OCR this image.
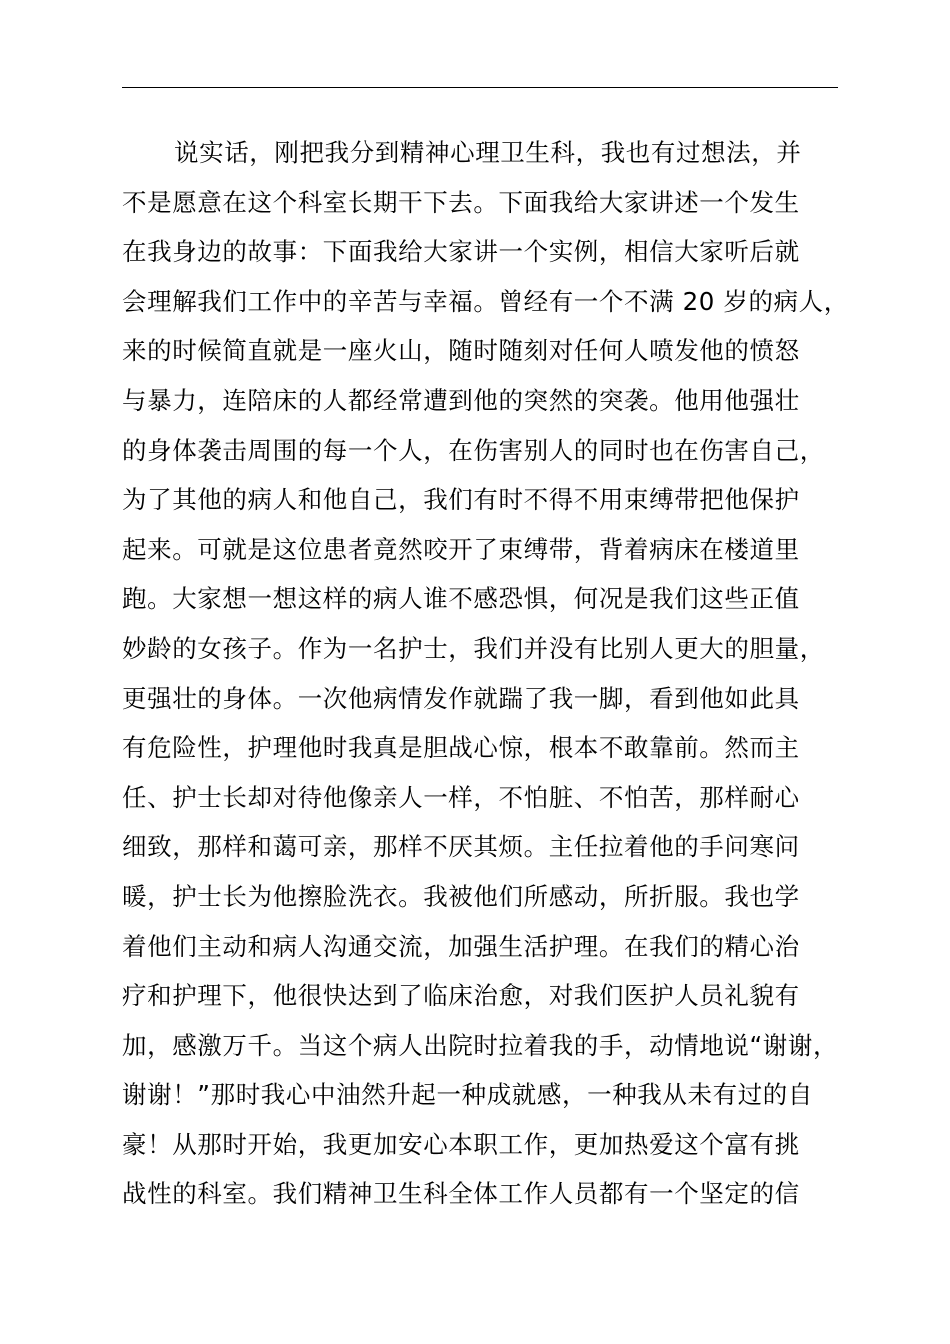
说实话，刚把我分到精神心理卫生科，我也有过想法，并
不是愿意在这个科室长期干下去。下面我给大家讲述一个发生
在我身边的故事：下面我给大家讲一个实例，相信大家听后就
会理解我们工作中的辛苦与幸福。曾经有一个不满 20 岁的病人，
来的时候简直就是一座火山，随时随刻对任何人喷发他的愤怒
与暴力，连陪床的人都经常遭到他的突然的突袭。他用他强壮
的身体袭击周围的每一个人，在伤害别人的同时也在伤害自己，
为了其他的病人和他自己，我们有时不得不用束缚带把他保护
起来。可就是这位患者竟然咬开了束缚带，背着病床在楼道里
跑。大家想一想这样的病人谁不感恐惧，何况是我们这些正值
妙龄的女孩子。作为一名护士，我们并没有比别人更大的胆量，
更强壮的身体。一次他病情发作就踹了我一脚，看到他如此具
有危险性，护理他时我真是胆战心惊，根本不敢靠前。然而主
任、护士长却对待他像亲人一样，不怕脏、不怕苦，那样耐心
细致，那样和蔼可亲，那样不厌其烦。主任拉着他的手问寒问
暖，护士长为他擦脸洗衣。我被他们所感动，所折服。我也学
着他们主动和病人沟通交流，加强生活护理。在我们的精心治
疗和护理下，他很快达到了临床治愈，对我们医护人员礼貌有
加，感激万千。当这个病人出院时拉着我的手，动情地说“谢谢，
谢谢！”那时我心中油然升起一种成就感，一种我从未有过的自
豪！从那时开始，我更加安心本职工作，更加热爱这个富有挑
战性的科室。我们精神卫生科全体工作人员都有一个坚定的信
